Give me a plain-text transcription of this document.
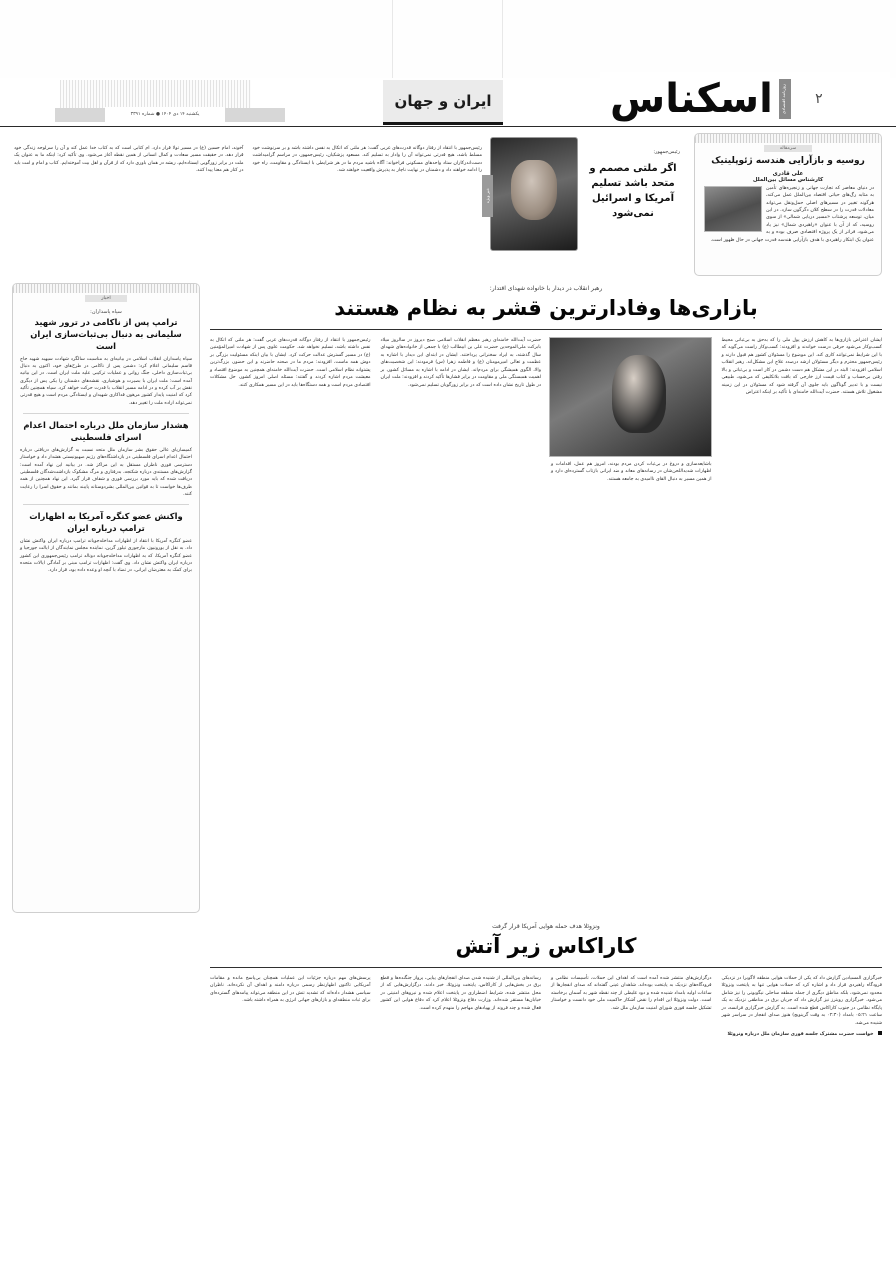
یکشنبه ۱۴ دی ۱۴۰۴ ● شماره ۳۳۹۱
ایران و جهان	اسکناس روزنامه اقتصادی	۲
سرمقاله
روسیه و بازآرایی هندسه ژئوپلیتیک
علی قادری
کارشناس مسائل بین‌الملل
در دنیای معاصر که تجارت جهانی و زنجیره‌های تأمین به مثابه رگ‌های حیاتی اقتصاد بین‌الملل عمل می‌کند، هرگونه تغییر در مسیرهای اصلی حمل‌ونقل می‌تواند معادلات قدرت را در سطح کلان دگرگون سازد. در این میان، توسعه پرشتاب «مسیر دریایی شمالی» از سوی روسیه، که از آن با عنوان «راهبردی شمال» نیز یاد می‌شود، فراتر از یک پروژه اقتصادی صرف بوده و به عنوان یک ابتکار راهبردی با هدف بازآرایی هندسه قدرت جهانی در حال ظهور است.
خبر ویژه
رئیس‌جمهور:
اگر ملتی مصمم و متحد باشد تسلیم آمریکا و اسرائیل نمی‌شود
رئیس‌جمهور با انتقاد از رفتار دوگانه قدرت‌های غربی گفت: هر ملتی که اتکال به نفس داشته باشد و بر سرنوشت خود مسلط باشد، هیچ قدرتی نمی‌تواند آن را وادار به تسلیم کند. مسعود پزشکیان، رئیس‌جمهور، در مراسم گرامیداشت دست‌اندرکاران ستاد واحدهای مسکونی فراخواند: آگاه باشید مردم ما در هر شرایطی با ایستادگی و مقاومت، راه خود را ادامه خواهند داد و دشمنان در نهایت ناچار به پذیرش واقعیت خواهند شد.
آخوند، امام حسین (ع) در مسیر تولا قرار دارد. ام کتابی است که به کتاب خدا عمل کند و آن را سرلوحه زندگی خود قرار دهد. در حقیقت مسیر سعادت و کمال انسانی از همین نقطه آغاز می‌شود. وی تأکید کرد: اینکه ما به عنوان یک ملت در برابر زورگویی ایستاده‌ایم، ریشه در همان باوری دارد که از قرآن و اهل بیت آموخته‌ایم. کتاب و امام و امت باید در کنار هم معنا پیدا کنند.
اخبار
سپاه پاسداران:
ترامپ پس از ناکامی در ترور شهید سلیمانی به دنبال بی‌ثبات‌سازی ایران است
سپاه پاسداران انقلاب اسلامی در بیانیه‌ای به مناسبت سالگرد شهادت سپهبد شهید حاج قاسم سلیمانی اعلام کرد: دشمن پس از ناکامی در طرح‌های خود، اکنون به دنبال بی‌ثبات‌سازی داخلی، جنگ روانی و عملیات ترکیبی علیه ملت ایران است. در این بیانیه آمده است: ملت ایران با بصیرت و هوشیاری، نقشه‌های دشمنان را یکی پس از دیگری نقش بر آب کرده و در ادامه مسیر انقلاب با قدرت حرکت خواهد کرد. سپاه همچنین تأکید کرد که امنیت پایدار کشور مرهون فداکاری شهیدان و ایستادگی مردم است و هیچ قدرتی نمی‌تواند اراده ملت را تغییر دهد.
هشدار سازمان ملل درباره احتمال اعدام اسرای فلسطینی
کمیساریای عالی حقوق بشر سازمان ملل متحد نسبت به گزارش‌های دریافتی درباره احتمال اعدام اسرای فلسطینی در بازداشتگاه‌های رژیم صهیونیستی هشدار داد و خواستار دسترسی فوری ناظران مستقل به این مراکز شد. در بیانیه این نهاد آمده است: گزارش‌های مستندی درباره شکنجه، بدرفتاری و مرگ مشکوک بازداشت‌شدگان فلسطینی دریافت شده که باید مورد بررسی فوری و شفاف قرار گیرد. این نهاد همچنین از همه طرف‌ها خواست تا به قوانین بین‌المللی بشردوستانه پایبند بمانند و حقوق اسرا را رعایت کنند.
واکنش عضو کنگره آمریکا به اظهارات ترامپ درباره ایران
عضو کنگره آمریکا با انتقاد از اظهارات مداخله‌جویانه ترامپ درباره ایران واکنش نشان داد. به نقل از یورونیوز، مارجوری تیلور گرین، نماینده مجلس نمایندگان از ایالت جورجیا و عضو کنگره آمریکا، که به اظهارات مداخله‌جویانه دونالد ترامپ رئیس‌جمهوری این کشور درباره ایران واکنش نشان داد. وی گفت: اظهارات ترامپ مبنی بر آمادگی ایالات متحده برای کمک به معترضان ایرانی، در تضاد با آنچه او وعده داده بود، قرار دارد.
رهبر انقلاب در دیدار با خانواده شهدای اقتدار:
بازاری‌ها وفادارترین قشر به نظام هستند
ایشان اعتراض بازاری‌ها به کاهش ارزش پول ملی را که به‌حق به بی‌ثباتی محیط کسب‌وکار می‌شود حرفی درست خواندند و افزودند: کسب‌وکار راست می‌گوید که با این شرایط نمی‌توانند کاری کند. این موضوع را مسئولان کشور هم قبول دارند و رئیس‌جمهور محترم و دیگر مسئولان ارشد درصدد علاج این مشکل‌اند. رهبر انقلاب اسلامی افزودند: البته در این مشکل هم دست دشمن در کار است و بی‌ثباتی و بالا رفتن بی‌حساب و کتاب قیمت ارز خارجی که بافت بلاتکلیفی که می‌شود، طبیعی نیست و با تدبیر گوناگون باید جلوی آن گرفته شود که مسئولان در این زمینه مشغول تلاش هستند. حضرت آیت‌الله خامنه‌ای با تأکید بر اینکه اعتراض
باشایعه‌سازی و دروغ در بی‌ثبات کردن مردم بودند، امروز هم عمل، اقدامات و اظهارات شدیداللحن‌شان در رسانه‌های معاند و ضد ایرانی بازتاب گسترده‌ای دارد و از همین مسیر به دنبال القای ناامیدی به جامعه هستند.
حضرت آیت‌الله خامنه‌ای رهبر معظم انقلاب اسلامی صبح دیروز در سالروز میلاد بابرکت ملی‌الموحدین حضرت علی بن ابیطالب (ع) با جمعی از خانواده‌های شهدای سال گذشته، به ایراد سخنرانی پرداختند. ایشان در ابتدای این دیدار با اشاره به عظمت و تعالی امیرمومنان (ع) و فاطمه زهرا (س) فرمودند: این شخصیت‌های والا، الگوی همیشگی برای مردم‌اند. ایشان در ادامه با اشاره به مسائل کشور، بر اهمیت همبستگی ملی و مقاومت در برابر فشارها تأکید کردند و افزودند: ملت ایران در طول تاریخ نشان داده است که در برابر زورگویان تسلیم نمی‌شود.
رئیس‌جمهور با انتقاد از رفتار دوگانه قدرت‌های غربی گفت: هر ملتی که اتکال به نفس داشته باشد، تسلیم نخواهد شد. حکومت علوی پس از شهادت امیرالمؤمنین (ع) در مسیر گسترش عدالت حرکت کرد. ایشان با بیان اینکه مسئولیت بزرگی بر دوش همه ماست، افزودند: مردم ما در صحنه حاضرند و این حضور، بزرگ‌ترین پشتوانه نظام اسلامی است. حضرت آیت‌الله خامنه‌ای همچنین به موضوع اقتصاد و معیشت مردم اشاره کردند و گفتند: مسئله اصلی امروز کشور، حل مشکلات اقتصادی مردم است و همه دستگاه‌ها باید در این مسیر همکاری کنند.
ونزوئلا هدف حمله هوایی آمریکا قرار گرفت
کاراکاس زیر آتش
خبرگزاری المسیادین گزارش داد که یکی از حملات هوایی منطقه لاگویرا در نزدیکی فرودگاه راهبردی قرار داد و اشاره کرد که حملات هوایی تنها به پایتخت ونزوئلا محدود نمی‌شود، بلکه مناطق دیگری از جمله منطقه ساحلی نیگویونی را نیز شامل می‌شود. خبرگزاری رویترز نیز گزارش داد که جریان برق در مناطقی نزدیک به یک پایگاه نظامی در جنوب کاراکاس قطع شده است. به گزارش خبرگزاری فرانسه، در ساعت ۰۵:۲۱ بامداد (۰۴:۳۰ به وقت گرینویچ) هنوز صدای انفجار در سراسر شهر شنیده می‌شد.
خواست حضرت مشترک جلسه فوری سازمان ملل درباره ونزوئلا
درگزارش‌های منتشر شده آمده است که اهداف این حملات، تأسیسات نظامی و فرودگاه‌های نزدیک به پایتخت بوده‌اند. شاهدان عینی گفته‌اند که صدای انفجارها از ساعات اولیه بامداد شنیده شده و دود غلیظی از چند نقطه شهر به آسمان برخاسته است. دولت ونزوئلا این اقدام را نقض آشکار حاکمیت ملی خود دانست و خواستار تشکیل جلسه فوری شورای امنیت سازمان ملل شد.
رسانه‌های بین‌المللی از شنیده شدن صدای انفجارهای پیاپی، پرواز جنگنده‌ها و قطع برق در بخش‌هایی از کاراکاس، پایتخت ونزوئلا، خبر دادند. درگزارش‌هایی که از محل منتشر شده، شرایط اضطراری در پایتخت اعلام شده و نیروهای امنیتی در خیابان‌ها مستقر شده‌اند. وزارت دفاع ونزوئلا اعلام کرد که دفاع هوایی این کشور فعال شده و چند فروند از پهپادهای مهاجم را منهدم کرده است.
پرسش‌های مهم درباره جزئیات این عملیات همچنان بی‌پاسخ مانده و مقامات آمریکایی تاکنون اظهارنظر رسمی درباره دامنه و اهداف آن نکرده‌اند. ناظران سیاسی هشدار داده‌اند که تشدید تنش در این منطقه می‌تواند پیامدهای گسترده‌ای برای ثبات منطقه‌ای و بازارهای جهانی انرژی به همراه داشته باشد.
